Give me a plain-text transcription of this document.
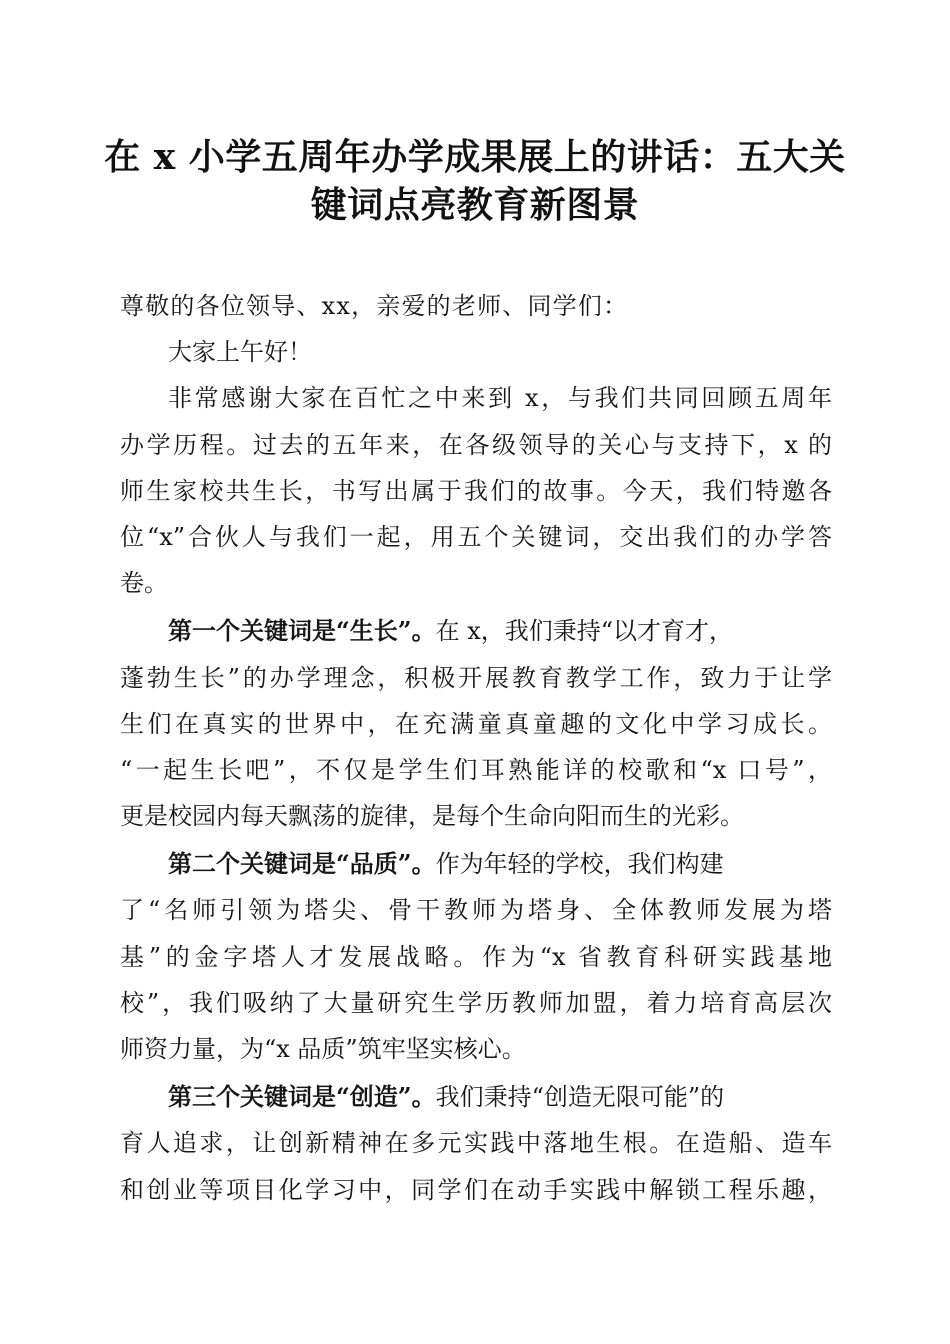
在 x 小学五周年办学成果展上的讲话：五大关
键词点亮教育新图景
尊敬的各位领导、xx，亲爱的老师、同学们：
大家上午好！
非常感谢大家在百忙之中来到 x，与我们共同回顾五周年
办学历程。过去的五年来，在各级领导的关心与支持下，x 的
师生家校共生长，书写出属于我们的故事。今天，我们特邀各
位“x”合伙人与我们一起，用五个关键词，交出我们的办学答
卷。
第一个关键词是“生长”。在 x，我们秉持“以才育才，
蓬勃生长”的办学理念，积极开展教育教学工作，致力于让学
生们在真实的世界中，在充满童真童趣的文化中学习成长。
“一起生长吧”，不仅是学生们耳熟能详的校歌和“x 口号”，
更是校园内每天飘荡的旋律，是每个生命向阳而生的光彩。
第二个关键词是“品质”。作为年轻的学校，我们构建
了“名师引领为塔尖、骨干教师为塔身、全体教师发展为塔
基”的金字塔人才发展战略。作为“x 省教育科研实践基地
校”，我们吸纳了大量研究生学历教师加盟，着力培育高层次
师资力量，为“x 品质”筑牢坚实核心。
第三个关键词是“创造”。我们秉持“创造无限可能”的
育人追求，让创新精神在多元实践中落地生根。在造船、造车
和创业等项目化学习中，同学们在动手实践中解锁工程乐趣，
